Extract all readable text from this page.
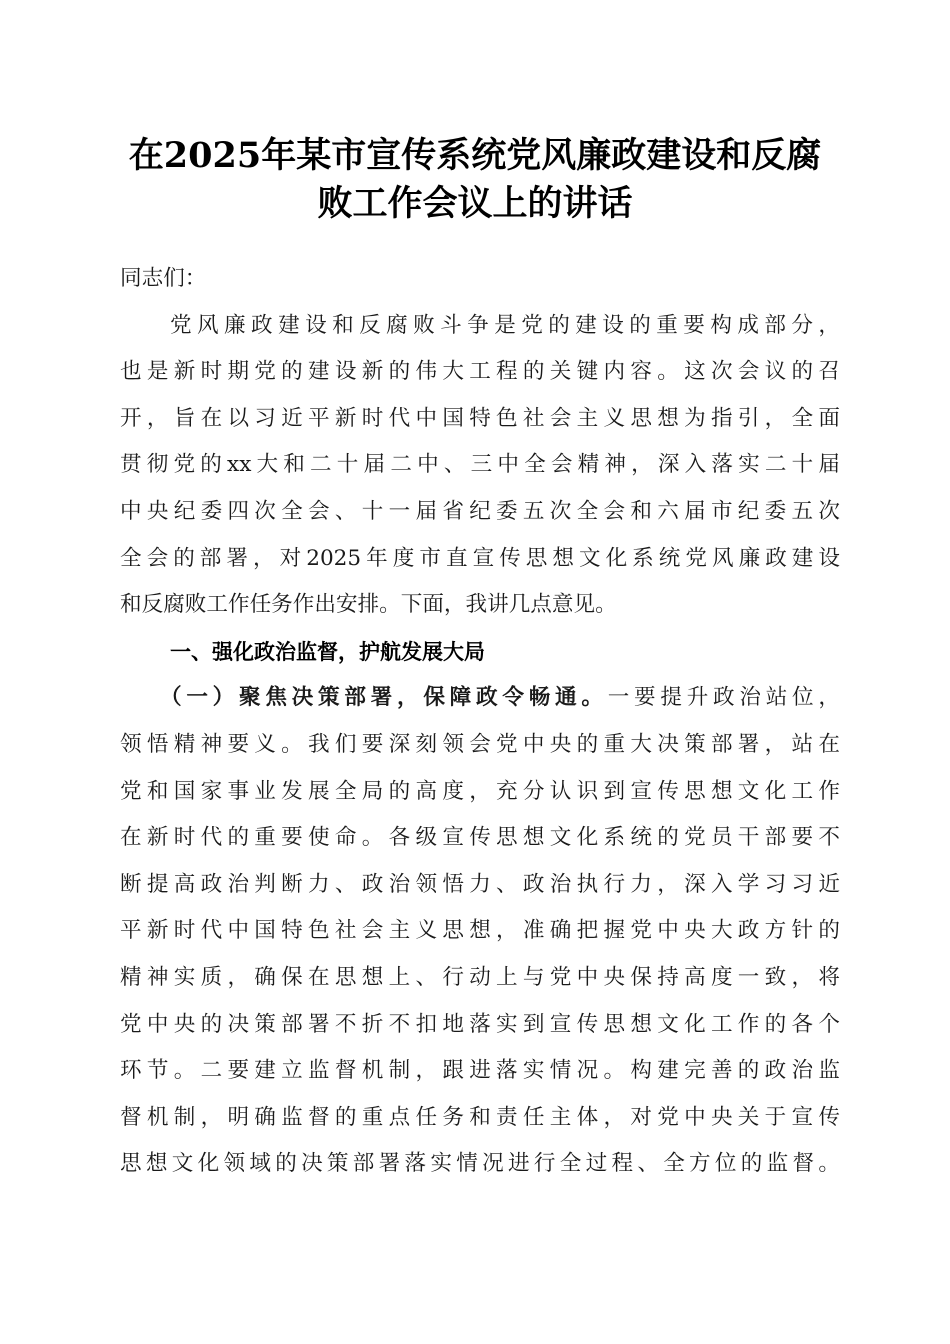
在2025年某市宣传系统党风廉政建设和反腐
败工作会议上的讲话
同志们：
党风廉政建设和反腐败斗争是党的建设的重要构成部分，
也是新时期党的建设新的伟大工程的关键内容。这次会议的召
开，旨在以习近平新时代中国特色社会主义思想为指引，全面
贯彻党的xx大和二十届二中、三中全会精神，深入落实二十届
中央纪委四次全会、十一届省纪委五次全会和六届市纪委五次
全会的部署，对2025年度市直宣传思想文化系统党风廉政建设
和反腐败工作任务作出安排。下面，我讲几点意见。
一、强化政治监督，护航发展大局
（一）聚焦决策部署，保障政令畅通。一要提升政治站位，
领悟精神要义。我们要深刻领会党中央的重大决策部署，站在
党和国家事业发展全局的高度，充分认识到宣传思想文化工作
在新时代的重要使命。各级宣传思想文化系统的党员干部要不
断提高政治判断力、政治领悟力、政治执行力，深入学习习近
平新时代中国特色社会主义思想，准确把握党中央大政方针的
精神实质，确保在思想上、行动上与党中央保持高度一致，将
党中央的决策部署不折不扣地落实到宣传思想文化工作的各个
环节。二要建立监督机制，跟进落实情况。构建完善的政治监
督机制，明确监督的重点任务和责任主体，对党中央关于宣传
思想文化领域的决策部署落实情况进行全过程、全方位的监督。
